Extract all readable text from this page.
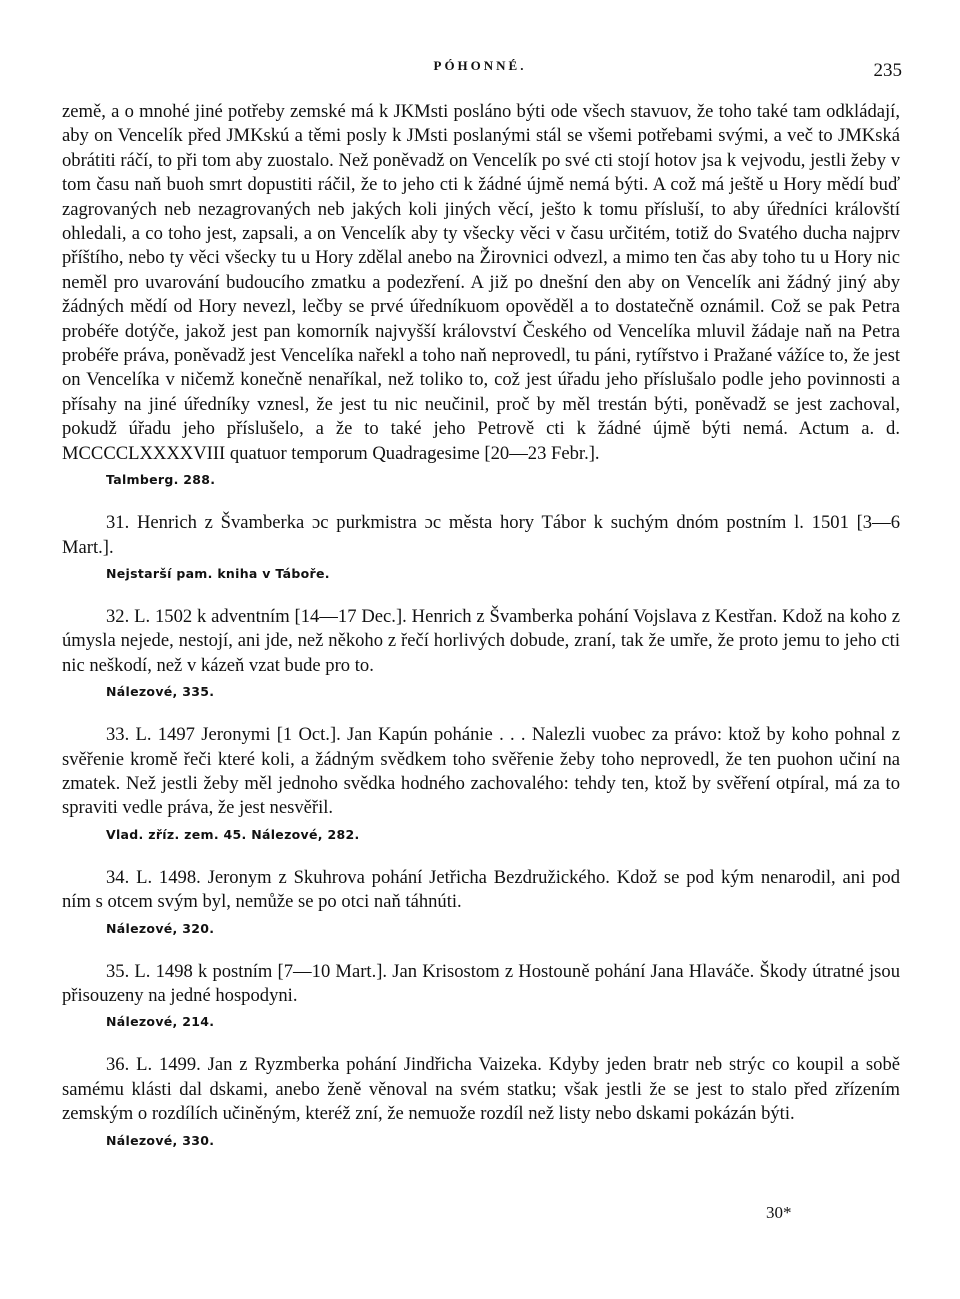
PÓHONNÉ.	235

země, a o mnohé jiné potřeby zemské má k JKMsti posláno býti ode všech stavuov, že toho také tam odkládají, aby on Vencelík před JMKskú a těmi posly k JMsti poslanými stál se všemi potřebami svými, a več to JMKská obrátiti ráčí, to při tom aby zuostalo. Než poněvadž on Vencelík po své cti stojí hotov jsa k vejvodu, jestli žeby v tom času naň buoh smrt dopustiti ráčil, že to jeho cti k žádné újmě nemá býti. A což má ještě u Hory mědí buď zagrovaných neb nezagrovaných neb jakých koli jiných věcí, ješto k tomu přísluší, to aby úředníci královští ohledali, a co toho jest, zapsali, a on Vencelík aby ty všecky věci v času určitém, totiž do Svatého ducha najprv příštího, nebo ty věci všecky tu u Hory zdělal anebo na Žirovnici odvezl, a mimo ten čas aby toho tu u Hory nic neměl pro uvarování budoucího zmatku a podezření. A již po dnešní den aby on Vencelík ani žádný jiný aby žádných mědí od Hory nevezl, lečby se prvé úředníkuom opověděl a to dostatečně oznámil. Což se pak Petra probéře dotýče, jakož jest pan komorník najvyšší království Českého od Vencelíka mluvil žádaje naň na Petra probéře práva, poněvadž jest Vencelíka nařekl a toho naň neprovedl, tu páni, rytířstvo i Pražané vážíce to, že jest on Vencelíka v ničemž konečně nenaříkal, než toliko to, což jest úřadu jeho příslušalo podle jeho povinnosti a přísahy na jiné úředníky vznesl, že jest tu nic neučinil, proč by měl trestán býti, poněvadž se jest zachoval, pokudž úřadu jeho příslušelo, a že to také jeho Petrově cti k žádné újmě býti nemá. Actum a. d. MCCCCLXXXXVIII quatuor temporum Quadragesime [20—23 Febr.].

Talmberg. 288.

31. Henrich z Švamberka ɔc purkmistra ɔc města hory Tábor k suchým dnóm postním l. 1501 [3—6 Mart.].

Nejstarší pam. kniha v Táboře.

32. L. 1502 k adventním [14—17 Dec.]. Henrich z Švamberka pohání Vojslava z Kestřan. Kdož na koho z úmysla nejede, nestojí, ani jde, než někoho z řečí horlivých dobude, zraní, tak že umře, že proto jemu to jeho cti nic neškodí, než v kázeň vzat bude pro to.

Nálezové, 335.

33. L. 1497 Jeronymi [1 Oct.]. Jan Kapún pohánie . . . Nalezli vuobec za právo: ktož by koho pohnal z svěřenie kromě řeči které koli, a žádným svědkem toho svěřenie žeby toho neprovedl, že ten puohon učiní na zmatek. Než jestli žeby měl jednoho svědka hodného zachovalého: tehdy ten, ktož by svěření otpíral, má za to spraviti vedle práva, že jest nesvěřil.

Vlad. zříz. zem. 45. Nálezové, 282.

34. L. 1498. Jeronym z Skuhrova pohání Jetřicha Bezdružického. Kdož se pod kým nenarodil, ani pod ním s otcem svým byl, nemůže se po otci naň táhnúti.

Nálezové, 320.

35. L. 1498 k postním [7—10 Mart.]. Jan Krisostom z Hostouně pohání Jana Hlaváče. Škody útratné jsou přisouzeny na jedné hospodyni.

Nálezové, 214.

36. L. 1499. Jan z Ryzmberka pohání Jindřicha Vaizeka. Kdyby jeden bratr neb strýc co koupil a sobě samému klásti dal dskami, anebo ženě věnoval na svém statku; však jestli že se jest to stalo před zřízením zemským o rozdílích učiněným, kteréž zní, že nemuože rozdíl než listy nebo dskami pokázán býti.

Nálezové, 330.
30*
